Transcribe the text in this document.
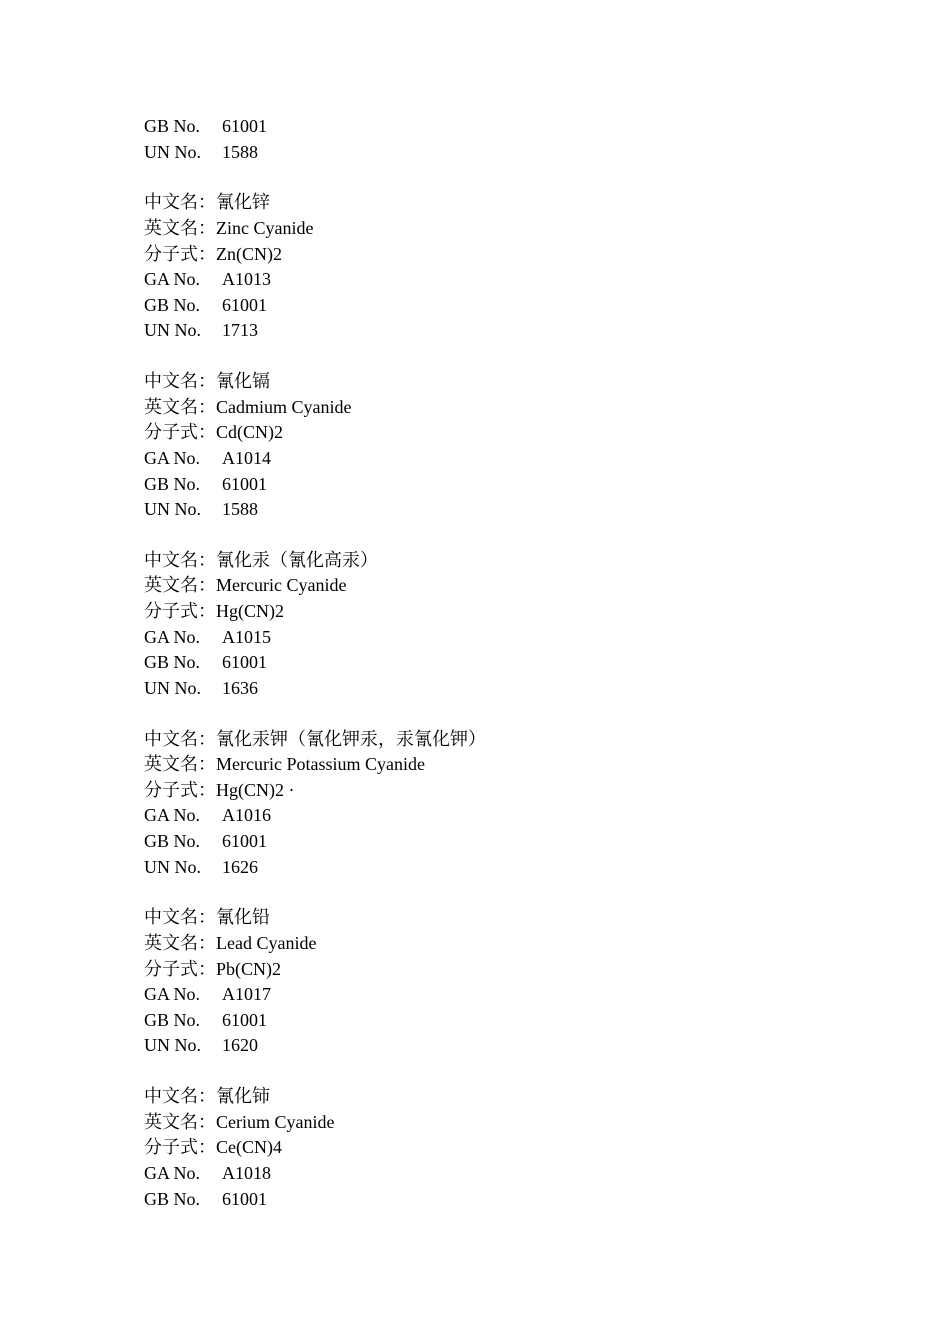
GB No. 61001
UN No. 1588
中文名：氰化锌
英文名：Zinc Cyanide
分子式：Zn(CN)2
GA No. A1013
GB No. 61001
UN No. 1713
中文名：氰化镉
英文名：Cadmium Cyanide
分子式：Cd(CN)2
GA No. A1014
GB No. 61001
UN No. 1588
中文名：氰化汞（氰化高汞）
英文名：Mercuric Cyanide
分子式：Hg(CN)2
GA No. A1015
GB No. 61001
UN No. 1636
中文名：氰化汞钾（氰化钾汞，汞氰化钾）
英文名：Mercuric Potassium Cyanide
分子式：Hg(CN)2 ·
GA No. A1016
GB No. 61001
UN No. 1626
中文名：氰化铅
英文名：Lead Cyanide
分子式：Pb(CN)2
GA No. A1017
GB No. 61001
UN No. 1620
中文名：氰化铈
英文名：Cerium Cyanide
分子式：Ce(CN)4
GA No. A1018
GB No. 61001
